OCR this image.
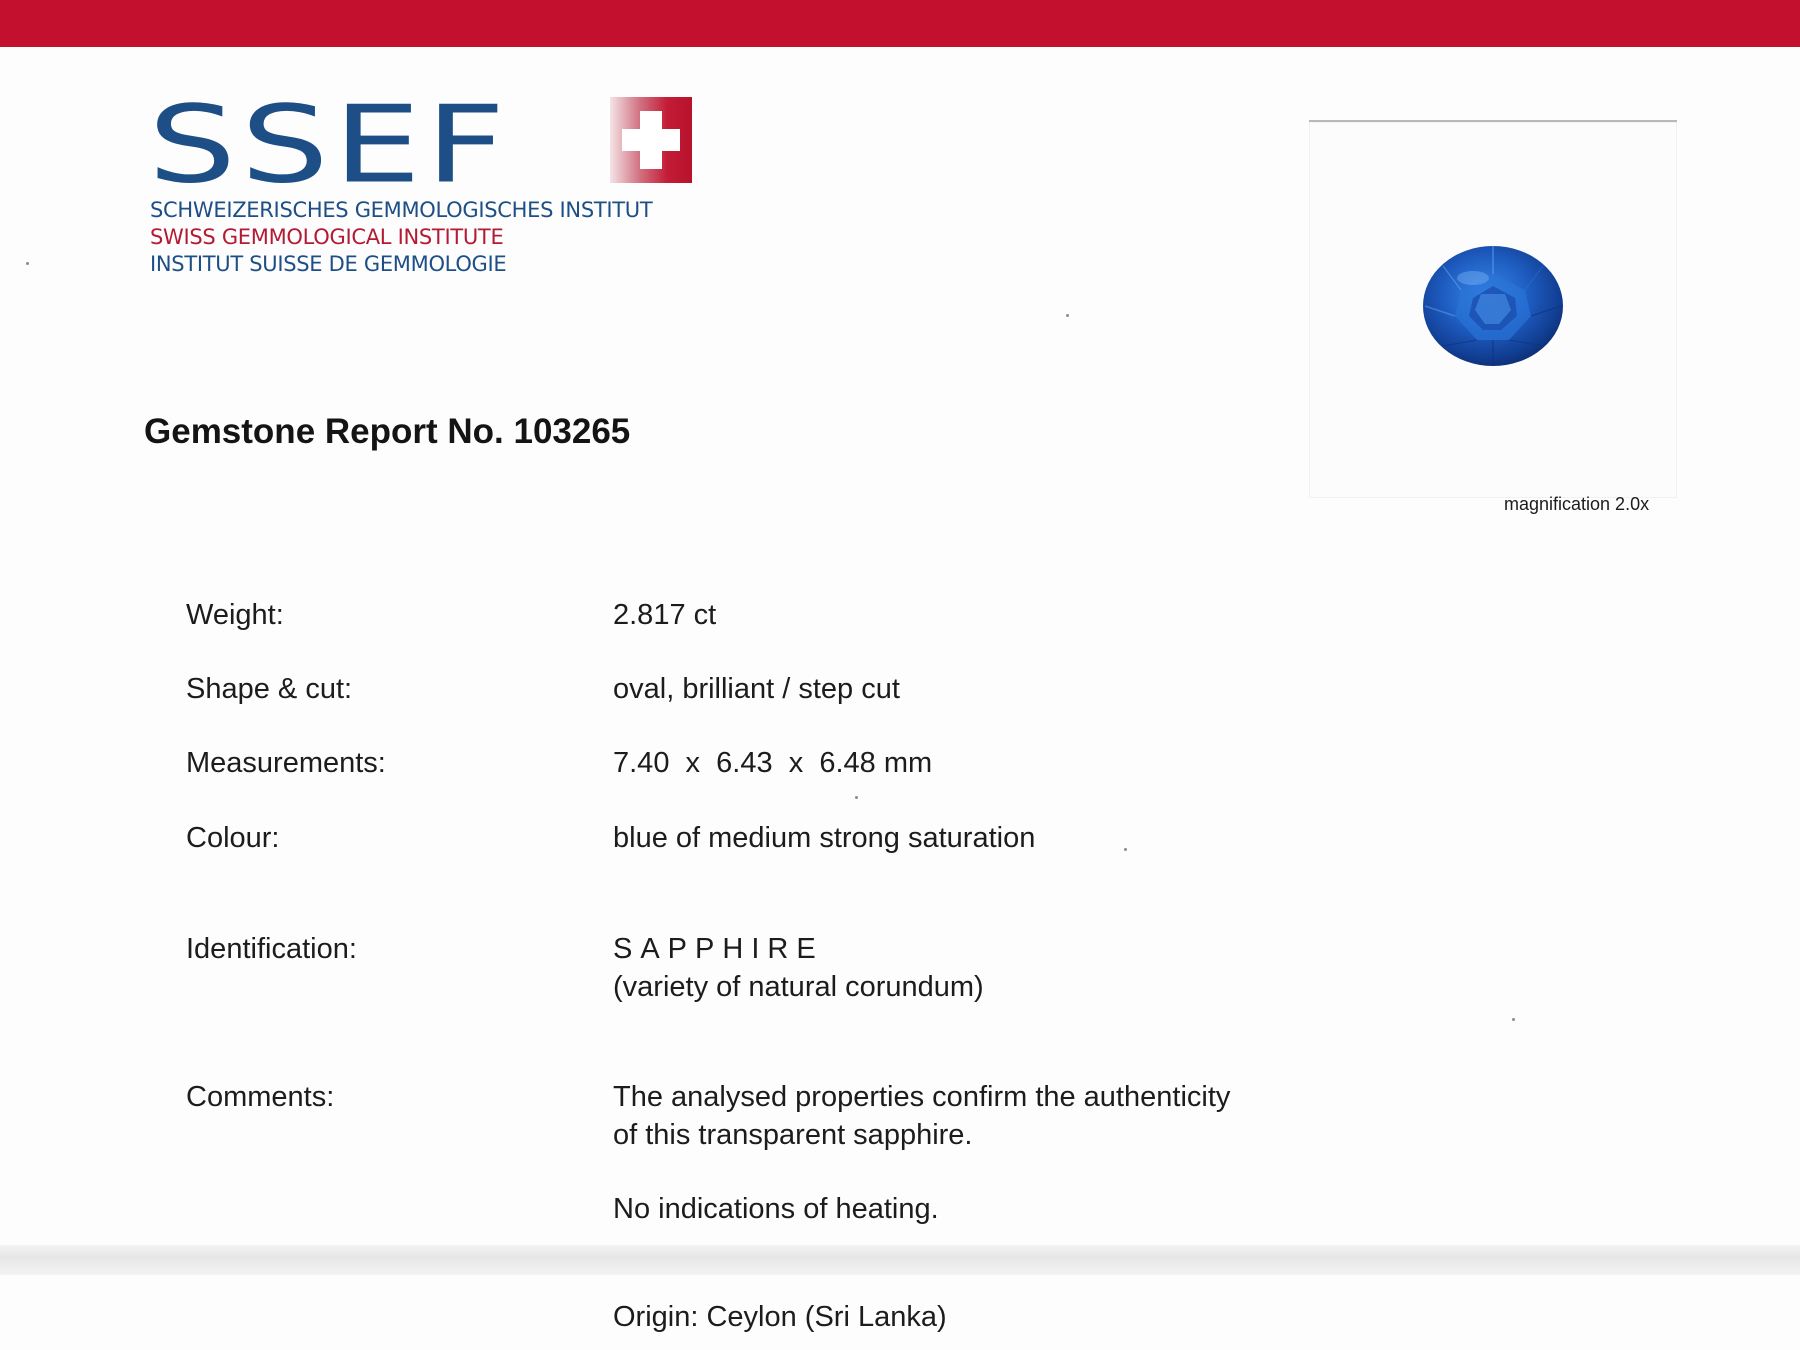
SSEF
SCHWEIZERISCHES GEMMOLOGISCHES INSTITUT
SWISS GEMMOLOGICAL INSTITUTE
INSTITUT SUISSE DE GEMMOLOGIE
Gemstone Report No. 103265
magnification 2.0x
Weight:	2.817 ct
Shape & cut:	oval, brilliant / step cut
Measurements:	7.40  x  6.43  x  6.48 mm
Colour:	blue of medium strong saturation
Identification:	SAPPHIRE
(variety of natural corundum)
Comments:	The analysed properties confirm the authenticity
of this transparent sapphire.
No indications of heating.
Origin: Ceylon (Sri Lanka)
